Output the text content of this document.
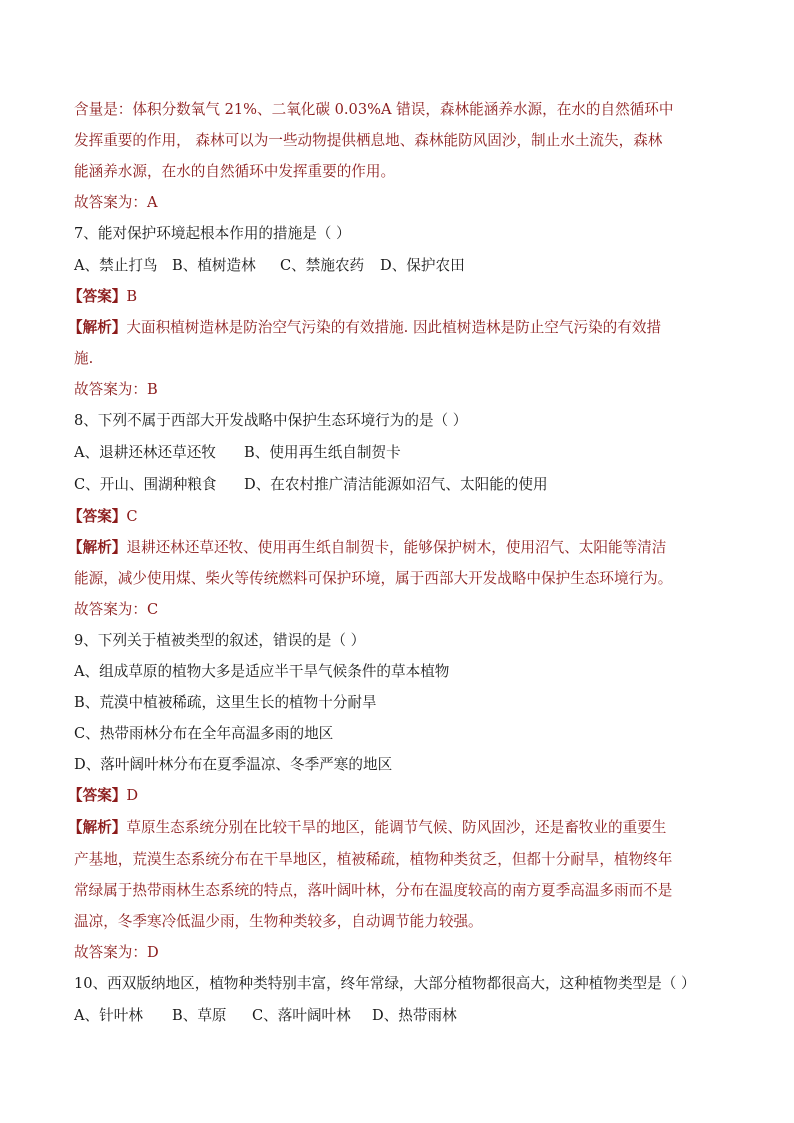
含量是：体积分数氧气 21%、二氧化碳 0.03%A 错误，森林能涵养水源，在水的自然循环中
发挥重要的作用， 森林可以为一些动物提供栖息地、森林能防风固沙，制止水土流失，森林
能涵养水源，在水的自然循环中发挥重要的作用。
故答案为：A
7、能对保护环境起根本作用的措施是（ ）
A、禁止打鸟 B、植树造林 C、禁施农药 D、保护农田
【答案】B
【解析】大面积植树造林是防治空气污染的有效措施. 因此植树造林是防止空气污染的有效措
施.
故答案为：B
8、下列不属于西部大开发战略中保护生态环境行为的是（ ）
A、退耕还林还草还牧 B、使用再生纸自制贺卡
C、开山、围湖种粮食 D、在农村推广清洁能源如沼气、太阳能的使用
【答案】C
【解析】退耕还林还草还牧、使用再生纸自制贺卡，能够保护树木，使用沼气、太阳能等清洁
能源，减少使用煤、柴火等传统燃料可保护环境，属于西部大开发战略中保护生态环境行为。
故答案为：C
9、下列关于植被类型的叙述，错误的是（ ）
A、组成草原的植物大多是适应半干旱气候条件的草本植物
B、荒漠中植被稀疏，这里生长的植物十分耐旱
C、热带雨林分布在全年高温多雨的地区
D、落叶阔叶林分布在夏季温凉、冬季严寒的地区
【答案】D
【解析】草原生态系统分别在比较干旱的地区，能调节气候、防风固沙，还是畜牧业的重要生
产基地，荒漠生态系统分布在干旱地区，植被稀疏，植物种类贫乏，但都十分耐旱，植物终年
常绿属于热带雨林生态系统的特点，落叶阔叶林，分布在温度较高的南方夏季高温多雨而不是
温凉，冬季寒冷低温少雨，生物种类较多，自动调节能力较强。
故答案为：D
10、西双版纳地区，植物种类特别丰富，终年常绿，大部分植物都很高大，这种植物类型是（ ）
A、针叶林 B、草原 C、落叶阔叶林 D、热带雨林
